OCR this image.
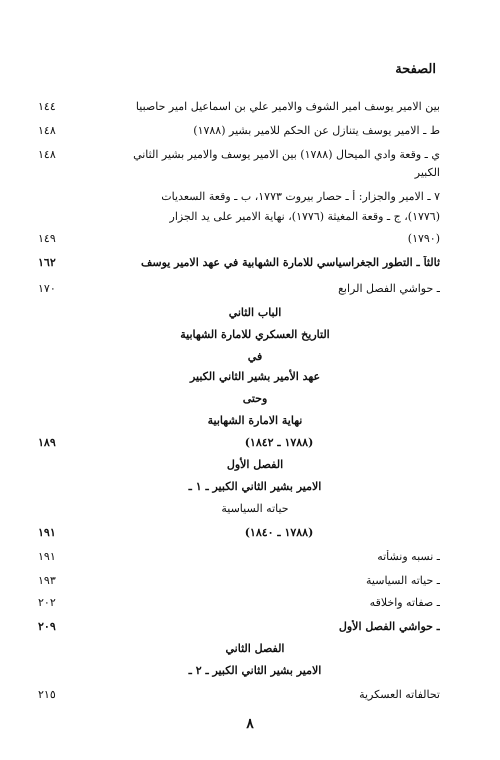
الصفحة
بين الامير يوسف امير الشوف والامير علي بن اسماعيل امير حاصبيا
١٤٤
ط ـ الامير يوسف يتنازل عن الحكم للامير بشير (١٧٨٨)
١٤٨
ي ـ وقعة وادي الميحال (١٧٨٨) بين الامير يوسف والامير بشير الثاني
١٤٨
الكبير
٧ ـ الامير والجزار: أ ـ حصار بيروت ١٧٧٣، ب ـ وقعة السعديات
(١٧٧٦)، ج ـ وقعة المغيثة (١٧٧٦)، نهاية الامير على يد الجزار
(١٧٩٠)
١٤٩
ثالثاً ـ التطور الجغراسياسي للامارة الشهابية في عهد الامير يوسف
١٦٢
ـ حواشي الفصل الرابع
١٧٠
الباب الثاني
التاريخ العسكري للامارة الشهابية
في
عهد الأمير بشير الثاني الكبير
وحتى
نهاية الامارة الشهابية
(١٧٨٨ ـ ١٨٤٢)
١٨٩
الفصل الأول
الامير بشير الثاني الكبير ـ ١ ـ
حياته السياسية
(١٧٨٨ ـ ١٨٤٠)
١٩١
ـ نسبه ونشأته
١٩١
ـ حياته السياسية
١٩٣
ـ صفاته واخلاقه
٢٠٢
ـ حواشي الفصل الأول
٢٠٩
الفصل الثاني
الامير بشير الثاني الكبير ـ ٢ ـ
تحالفاته العسكرية
٢١٥
٨
